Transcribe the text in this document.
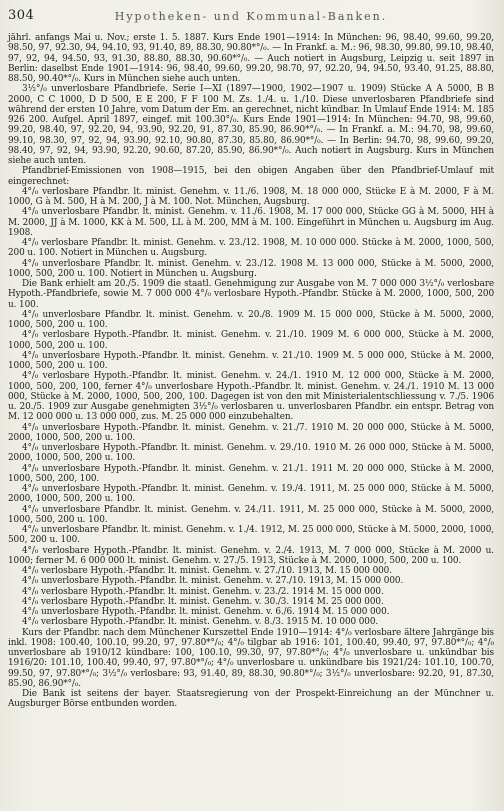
304	Hypotheken- und Kommunal-Banken.

jährl. anfangs Mai u. Nov.; erste 1. 5. 1887. Kurs Ende 1901—1914: In München: 96, 98.40, 99.60, 99.20, 98.50, 97, 92.30, 94, 94.10, 93, 91.40, 89, 88.30, 90.80*°/₀. — In Frankf. a. M.: 96, 98.30, 99.80, 99.10, 98.40, 97, 92, 94, 94.50, 93, 91.30, 88.80, 88.30, 90.60*°/₀. — Auch notiert in Augsburg, Leipzig u. seit 1897 in Berlin: daselbst Ende 1901—1914: 96, 98.40, 99.60, 99.20, 98.70, 97, 92.20, 94, 94.50, 93.40, 91.25, 88.80, 88.50, 90.40*°/₀. Kurs in München siehe auch unten.

3½°/₀ unverlosbare Pfandbriefe. Serie I—XI (1897—1900, 1902—1907 u. 1909) Stücke A A 5000, B B 2000, C C 1000, D D 500, E E 200, F F 100 M. Zs. 1./4. u. 1./10. Diese unverlosbaren Pfandbriefe sind während der ersten 10 Jahre, vom Datum der Em. an gerechnet, nicht kündbar. In Umlauf Ende 1914: M. 185 926 200. Aufgel. April 1897, eingef. mit 100.30°/₀. Kurs Ende 1901—1914: In München: 94.70, 98, 99.60, 99.20, 98.40, 97, 92.20, 94, 93.90, 92.20, 91, 87.30, 85.90, 86.90*°/₀. — In Frankf. a. M.: 94.70, 98, 99.60, 99.10, 98.30, 97, 92, 94, 93.90, 92.10, 90.80, 87.30, 85.80, 86.90*°/₀. — In Berlin: 94.70, 98, 99.60, 99.20, 98.40, 97, 92, 94, 93.90, 92.20, 90.60, 87.20, 85.90, 86.90*°/₀. Auch notiert in Augsburg. Kurs in München siehe auch unten.

Pfandbrief-Emissionen von 1908—1915, bei den obigen Angaben über den Pfandbrief-Umlauf mit eingerechnet:

4°/₀ verlosbare Pfandbr. lt. minist. Genehm. v. 11./6. 1908, M. 18 000 000, Stücke E à M. 2000, F à M. 1000, G à M. 500, H à M. 200, J à M. 100. Not. München, Augsburg.

4°/₀ unverlosbare Pfandbr. lt. minist. Genehm. v. 11./6. 1908, M. 17 000 000, Stücke GG à M. 5000, HH à M. 2000, JJ à M. 1000, KK à M. 500, LL à M. 200, MM à M. 100. Eingeführt in München u. Augsburg im Aug. 1908.

4°/₀ verlosbare Pfandbr. lt. minist. Genehm. v. 23./12. 1908, M. 10 000 000. Stücke à M. 2000, 1000, 500, 200 u. 100. Notiert in München u. Augsburg.

4°/₀ unverlosbare Pfandbr. lt. minist. Genehm. v. 23./12. 1908 M. 13 000 000, Stücke à M. 5000, 2000, 1000, 500, 200 u. 100. Notiert in München u. Augsburg.

Die Bank erhielt am 20./5. 1909 die staatl. Genehmigung zur Ausgabe von M. 7 000 000 3½°/₀ verlosbare Hypoth.-Pfandbriefe, sowie M. 7 000 000 4°/₀ verlosbare Hypoth.-Pfandbr. Stücke à M. 2000, 1000, 500, 200 u. 100.

4°/₀ unverlosbare Pfandbr. lt. minist. Genehm. v. 20./8. 1909 M. 15 000 000, Stücke à M. 5000, 2000, 1000, 500, 200 u. 100.

4°/₀ verlosbare Hypoth.-Pfandbr. lt. minist. Genehm. v. 21./10. 1909 M. 6 000 000, Stücke à M. 2000, 1000, 500, 200 u. 100.

4°/₀ unverlosbare Hypoth.-Pfandbr. lt. minist. Genehm. v. 21./10. 1909 M. 5 000 000, Stücke à M. 2000, 1000, 500, 200 u. 100.

4°/₀ verlosbare Hypoth.-Pfandbr. lt. minist. Genehm. v. 24./1. 1910 M. 12 000 000, Stücke à M. 2000, 1000, 500, 200, 100, ferner 4°/₀ unverlosbare Hypoth.-Pfandbr. lt. minist. Genehm. v. 24./1. 1910 M. 13 000 000, Stücke à M. 2000, 1000, 500, 200, 100. Dagegen ist von den mit Ministerialentschliessung v. 7./5. 1906 u. 20./5. 1909 zur Ausgabe genehmigten 3½°/₀ verlosbaren u. unverlosbaren Pfandbr. ein entspr. Betrag von M. 12 000 000 u. 13 000 000, zus. M. 25 000 000 einzubehalten.

4°/₀ unverlosbare Hypoth.-Pfandbr. lt. minist. Genehm. v. 21./7. 1910 M. 20 000 000, Stücke à M. 5000, 2000, 1000, 500, 200 u. 100.

4°/₀ unverlosbare Hypoth.-Pfandbr. lt. minist. Genehm. v. 29./10. 1910 M. 26 000 000, Stücke à M. 5000, 2000, 1000, 500, 200 u. 100.

4°/₀ unverlosbare Hypoth.-Pfandbr. lt. minist. Genehm. v. 21./1. 1911 M. 20 000 000, Stücke à M. 2000, 1000, 500, 200, 100.

4°/₀ unverlosbare Hypoth.-Pfandbr. lt. minist. Genehm. v. 19./4. 1911, M. 25 000 000, Stücke à M. 5000, 2000, 1000, 500, 200 u. 100.

4°/₀ unverlosbare Pfandbr. lt. minist. Genehm. v. 24./11. 1911, M. 25 000 000, Stücke à M. 5000, 2000, 1000, 500, 200 u. 100.

4°/₀ unverlosbare Pfandbr. lt. minist. Genehm. v. 1./4. 1912, M. 25 000 000, Stücke à M. 5000, 2000, 1000, 500, 200 u. 100.

4°/₀ verlosbare Hypoth.-Pfandbr. lt. minist. Genehm. v. 2./4. 1913, M. 7 000 000, Stücke à M. 2000 u. 1000; ferner M. 6 000 000 lt. minist. Genehm. v. 27./5. 1913, Stücke à M. 2000, 1000, 500, 200 u. 100.

4°/₀ verlosbare Hypoth.-Pfandbr. lt. minist. Genehm. v. 27./10. 1913, M. 15 000 000.

4°/₀ unverlosbare Hypoth.-Pfandbr. lt. minist. Genehm. v. 27./10. 1913, M. 15 000 000.

4°/₀ verlosbare Hypoth.-Pfandbr. lt. minist. Genehm. v. 23./2. 1914 M. 15 000 000.

4°/₀ verlosbare Hypoth.-Pfandbr. lt. minist. Genehm. v. 30./3. 1914 M. 25 000 000.

4°/₀ unverlosbare Hypoth.-Pfandbr. lt. minist. Genehm. v. 6./6. 1914 M. 15 000 000.

4°/₀ verlosbare Hypoth.-Pfandbr. lt. minist. Genehm. v. 8./3. 1915 M. 10 000 000.

Kurs der Pfandbr. nach dem Münchener Kurszettel Ende 1910—1914: 4°/₀ verlosbare ältere Jahrgänge bis inkl. 1908: 100.40, 100.10, 99.20, 97, 97.80*°/₀; 4°/₀ tilgbar ab 1916: 101, 100.40, 99.40, 97, 97.80*°/₀; 4°/₀ unverlosbare ab 1910/12 kündbare: 100, 100.10, 99.30, 97, 97.80*°/₀; 4°/₀ unverlosbare u. unkündbar bis 1916/20: 101.10, 100.40, 99.40, 97, 97.80*°/₀; 4°/₀ unverlosbare u. unkündbare bis 1921/24: 101.10, 100.70, 99.50, 97, 97.80*°/₀; 3½°/₀ verlosbare: 93, 91.40, 89, 88.30, 90.80*°/₀; 3½°/₀ unverlosbare: 92.20, 91, 87.30, 85.90, 86.90*°/₀.

Die Bank ist seitens der bayer. Staatsregierung von der Prospekt-Einreichung an der Münchner u. Augsburger Börse entbunden worden.
